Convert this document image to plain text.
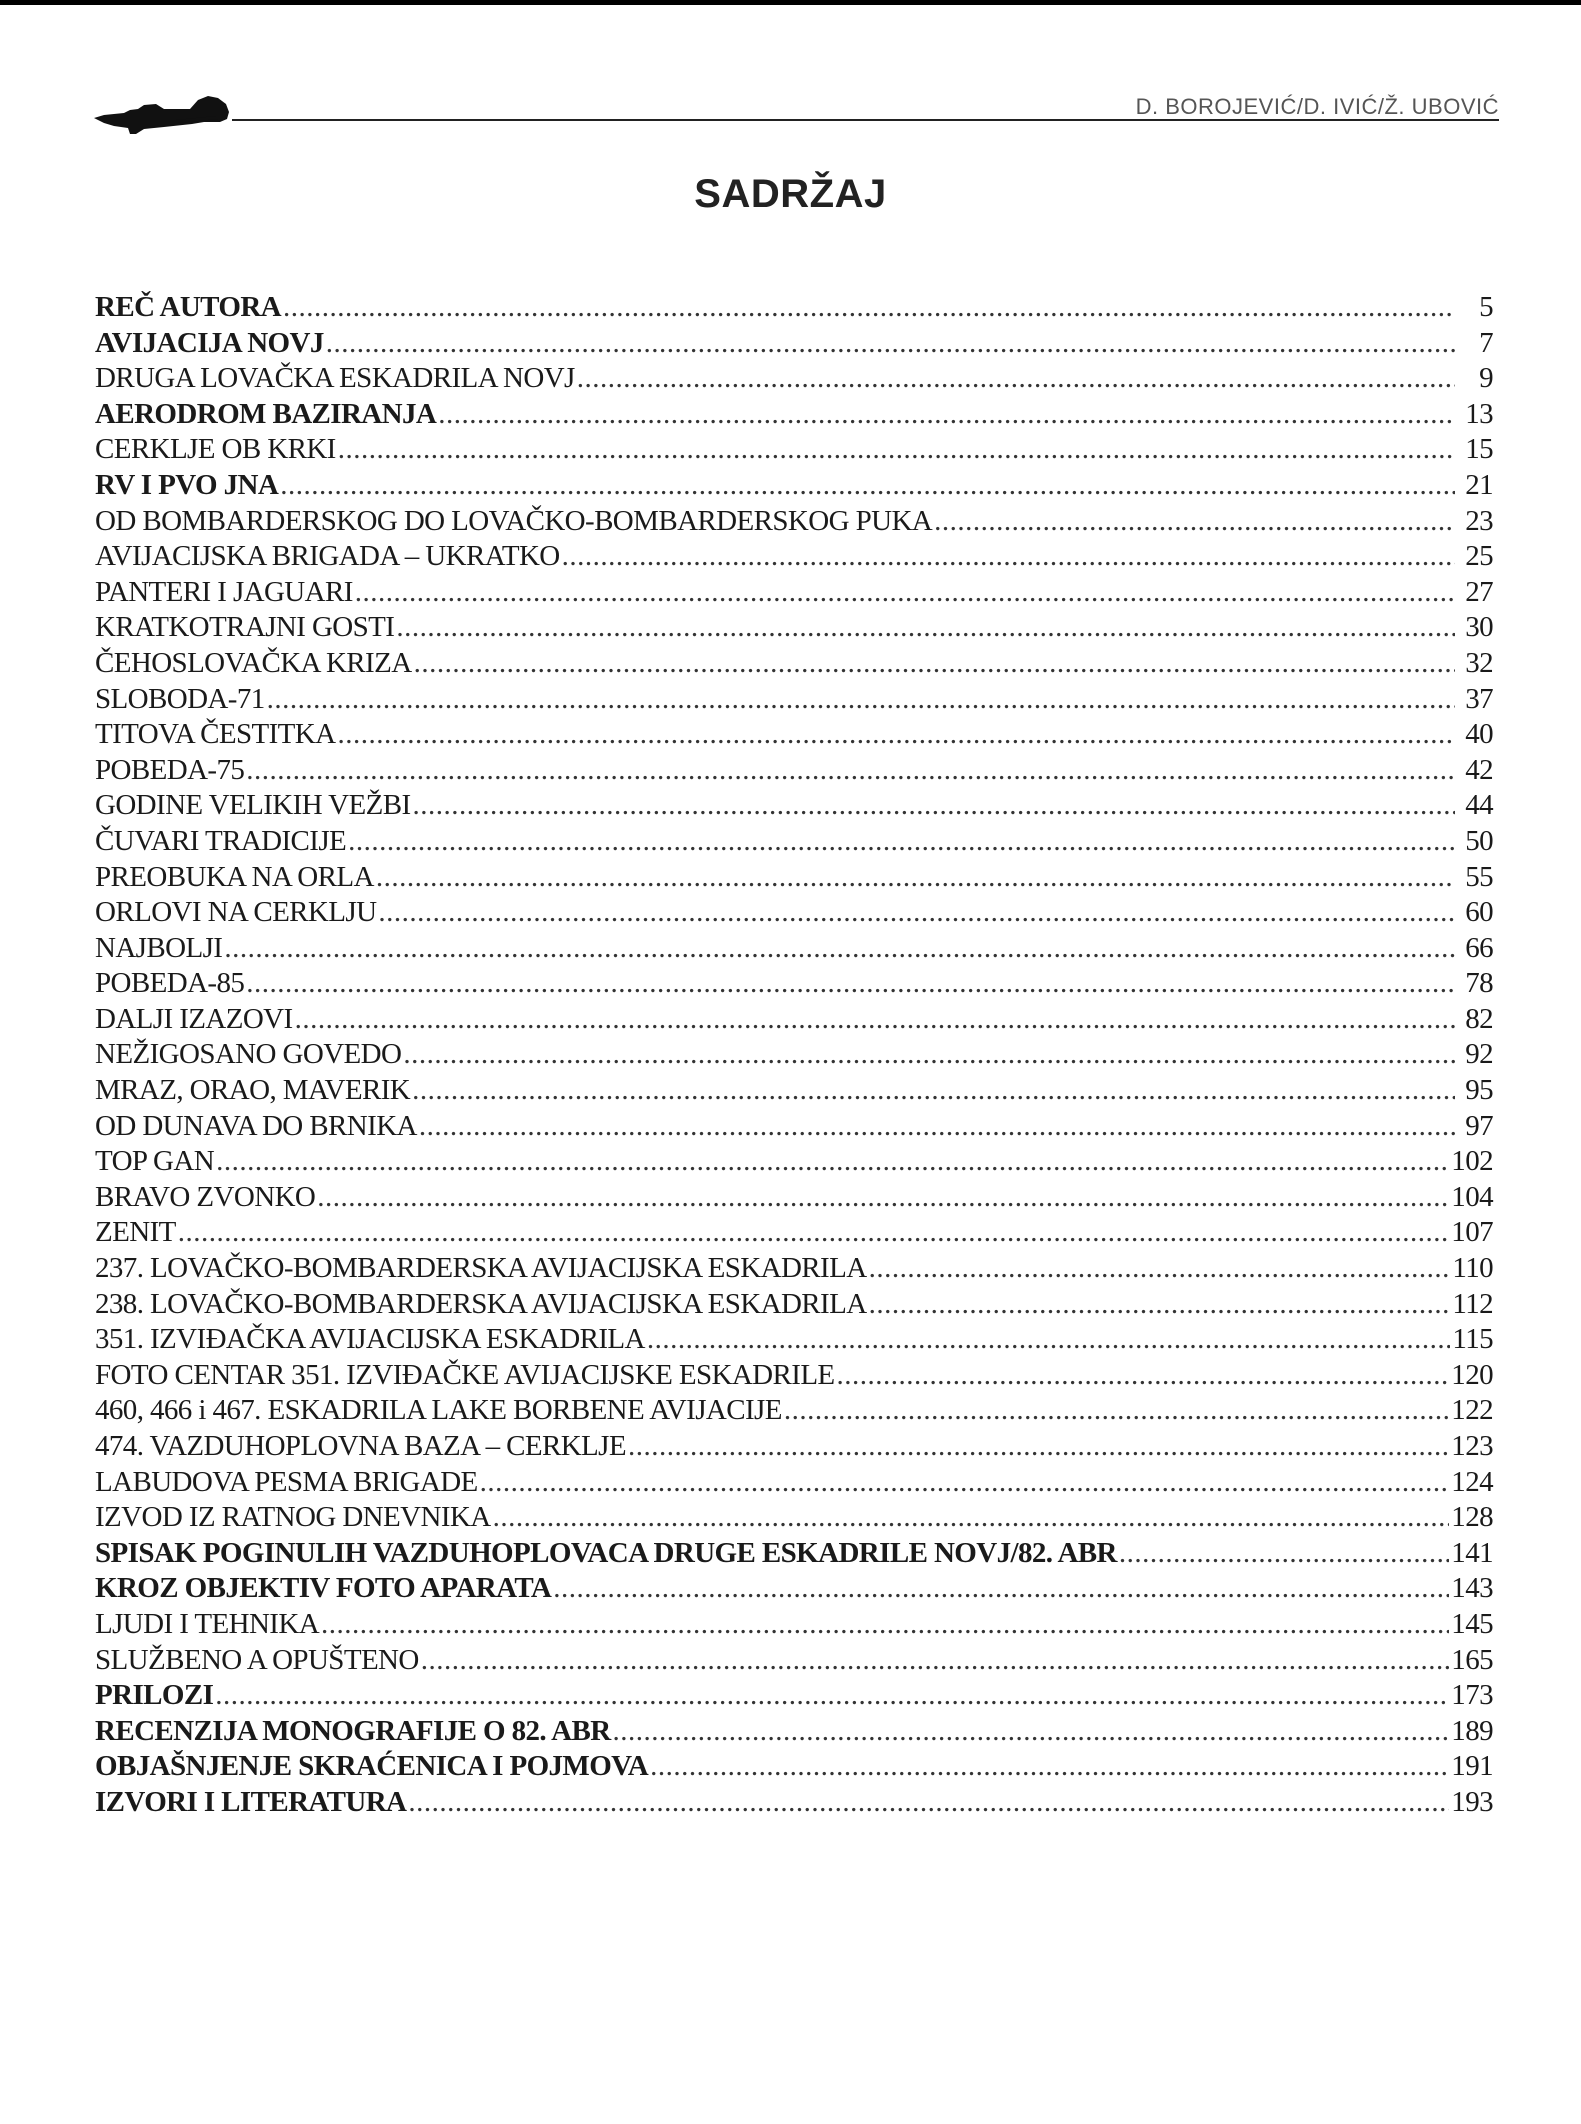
D. BOROJEVIĆ/D. IVIĆ/Ž. UBOVIĆ
SADRŽAJ
REČ AUTORA .....	5
AVIJACIJA NOVJ .....	7
DRUGA LOVAČKA ESKADRILA NOVJ .....	9
AERODROM BAZIRANJA .....	13
CERKLJE OB KRKI .....	15
RV I PVO JNA .....	21
OD BOMBARDERSKOG DO LOVAČKO-BOMBARDERSKOG PUKA .....	23
AVIJACIJSKA BRIGADA – UKRATKO .....	25
PANTERI I JAGUARI .....	27
KRATKOTRAJNI GOSTI .....	30
ČEHOSLOVAČKA KRIZA .....	32
SLOBODA-71 .....	37
TITOVA ČESTITKA .....	40
POBEDA-75 .....	42
GODINE VELIKIH VEŽBI .....	44
ČUVARI TRADICIJE .....	50
PREOBUKA NA ORLA .....	55
ORLOVI NA CERKLJU .....	60
NAJBOLJI .....	66
POBEDA-85 .....	78
DALJI IZAZOVI .....	82
NEŽIGOSANO GOVEDO .....	92
MRAZ, ORAO, MAVERIK .....	95
OD DUNAVA DO BRNIKA .....	97
TOP GAN .....	102
BRAVO ZVONKO .....	104
ZENIT .....	107
237. LOVAČKO-BOMBARDERSKA AVIJACIJSKA ESKADRILA .....	110
238. LOVAČKO-BOMBARDERSKA AVIJACIJSKA ESKADRILA .....	112
351. IZVIĐAČKA AVIJACIJSKA ESKADRILA .....	115
FOTO CENTAR 351. IZVIĐAČKE AVIJACIJSKE ESKADRILE .....	120
460, 466 i 467. ESKADRILA LAKE BORBENE AVIJACIJE .....	122
474. VAZDUHOPLOVNA BAZA – CERKLJE .....	123
LABUDOVA PESMA BRIGADE .....	124
IZVOD IZ RATNOG DNEVNIKA .....	128
SPISAK POGINULIH VAZDUHOPLOVACA DRUGE ESKADRILE NOVJ/82. ABR .....	141
KROZ OBJEKTIV FOTO APARATA .....	143
LJUDI I TEHNIKA .....	145
SLUŽBENO A OPUŠTENO .....	165
PRILOZI .....	173
RECENZIJA MONOGRAFIJE O 82. ABR .....	189
OBJAŠNJENJE SKRAĆENICA I POJMOVA .....	191
IZVORI I LITERATURA .....	193
